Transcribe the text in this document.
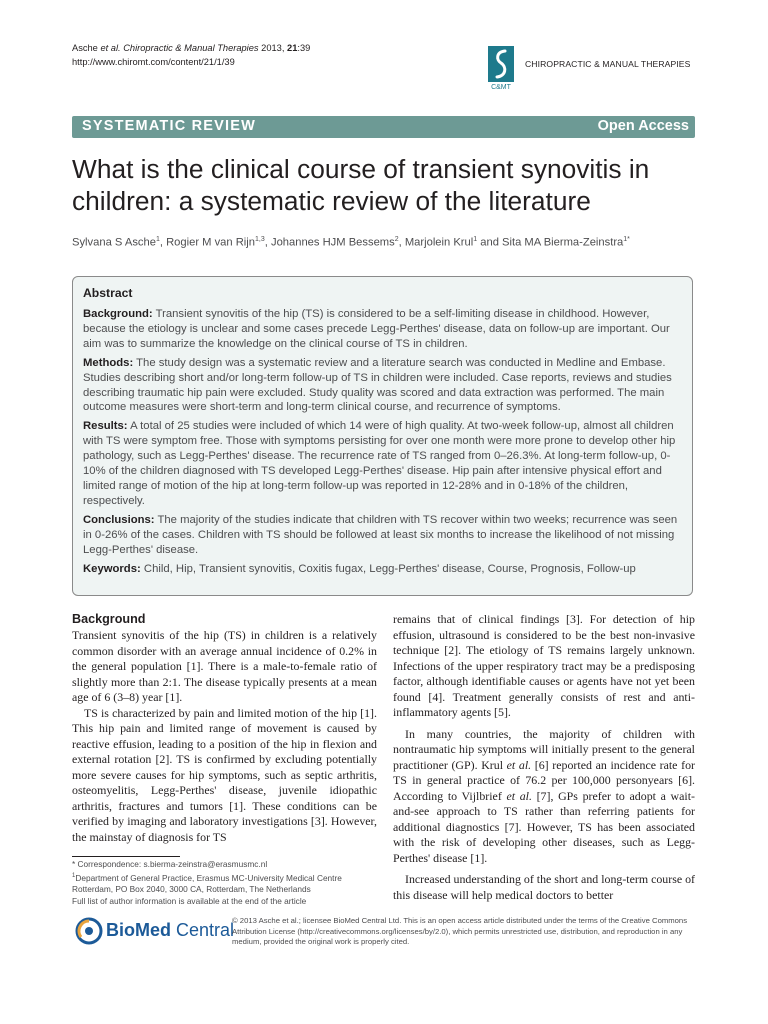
Asche et al. Chiropractic & Manual Therapies 2013, 21:39
http://www.chiromt.com/content/21/1/39
C&MT
CHIROPRACTIC & MANUAL THERAPIES
SYSTEMATIC REVIEW	Open Access
What is the clinical course of transient synovitis in children: a systematic review of the literature
Sylvana S Asche$^1$, Rogier M van Rijn$^{1,3}$, Johannes HJM Bessems$^2$, Marjolein Krul$^1$ and Sita MA Bierma-Zeinstra$^{1*}$
Abstract

Background: Transient synovitis of the hip (TS) is considered to be a self-limiting disease in childhood. However, because the etiology is unclear and some cases precede Legg-Perthes' disease, data on follow-up are important. Our aim was to summarize the knowledge on the clinical course of TS in children.

Methods: The study design was a systematic review and a literature search was conducted in Medline and Embase. Studies describing short and/or long-term follow-up of TS in children were included. Case reports, reviews and studies describing traumatic hip pain were excluded. Study quality was scored and data extraction was performed. The main outcome measures were short-term and long-term clinical course, and recurrence of symptoms.

Results: A total of 25 studies were included of which 14 were of high quality. At two-week follow-up, almost all children with TS were symptom free. Those with symptoms persisting for over one month were more prone to develop other hip pathology, such as Legg-Perthes' disease. The recurrence rate of TS ranged from 0–26.3%. At long-term follow-up, 0-10% of the children diagnosed with TS developed Legg-Perthes' disease. Hip pain after intensive physical effort and limited range of motion of the hip at long-term follow-up was reported in 12-28% and in 0-18% of the children, respectively.

Conclusions: The majority of the studies indicate that children with TS recover within two weeks; recurrence was seen in 0-26% of the cases. Children with TS should be followed at least six months to increase the likelihood of not missing Legg-Perthes' disease.

Keywords: Child, Hip, Transient synovitis, Coxitis fugax, Legg-Perthes' disease, Course, Prognosis, Follow-up

Background

Transient synovitis of the hip (TS) in children is a relatively common disorder with an average annual incidence of 0.2% in the general population [1]. There is a male-to-female ratio of slightly more than 2:1. The disease typically presents at a mean age of 6 (3–8) year [1].

TS is characterized by pain and limited motion of the hip [1]. This hip pain and limited range of movement is caused by reactive effusion, leading to a position of the hip in flexion and external rotation [2]. TS is confirmed by excluding potentially more severe causes for hip symptoms, such as septic arthritis, osteomyelitis, Legg-Perthes' disease, juvenile idiopathic arthritis, fractures and tumors [1]. These conditions can be verified by imaging and laboratory investigations [3]. However, the mainstay of diagnosis for TS

remains that of clinical findings [3]. For detection of hip effusion, ultrasound is considered to be the best non-invasive technique [2]. The etiology of TS remains largely unknown. Infections of the upper respiratory tract may be a predisposing factor, although identifiable causes or agents have not yet been found [4]. Treatment generally consists of rest and anti-inflammatory agents [5].

In many countries, the majority of children with nontraumatic hip symptoms will initially present to the general practitioner (GP). Krul et al. [6] reported an incidence rate for TS in general practice of 76.2 per 100,000 personyears [6]. According to Vijlbrief et al. [7], GPs prefer to adopt a wait-and-see approach to TS rather than referring patients for additional diagnostics [7]. However, TS has been associated with the risk of developing other diseases, such as Legg-Perthes' disease [1].

Increased understanding of the short and long-term course of this disease will help medical doctors to better

* Correspondence: s.bierma-zeinstra@erasmusmc.nl

$^1$Department of General Practice, Erasmus MC-University Medical Centre Rotterdam, PO Box 2040, 3000 CA, Rotterdam, The Netherlands

Full list of author information is available at the end of the article

BioMed Central
© 2013 Asche et al.; licensee BioMed Central Ltd. This is an open access article distributed under the terms of the Creative Commons Attribution License (http://creativecommons.org/licenses/by/2.0), which permits unrestricted use, distribution, and reproduction in any medium, provided the original work is properly cited.
